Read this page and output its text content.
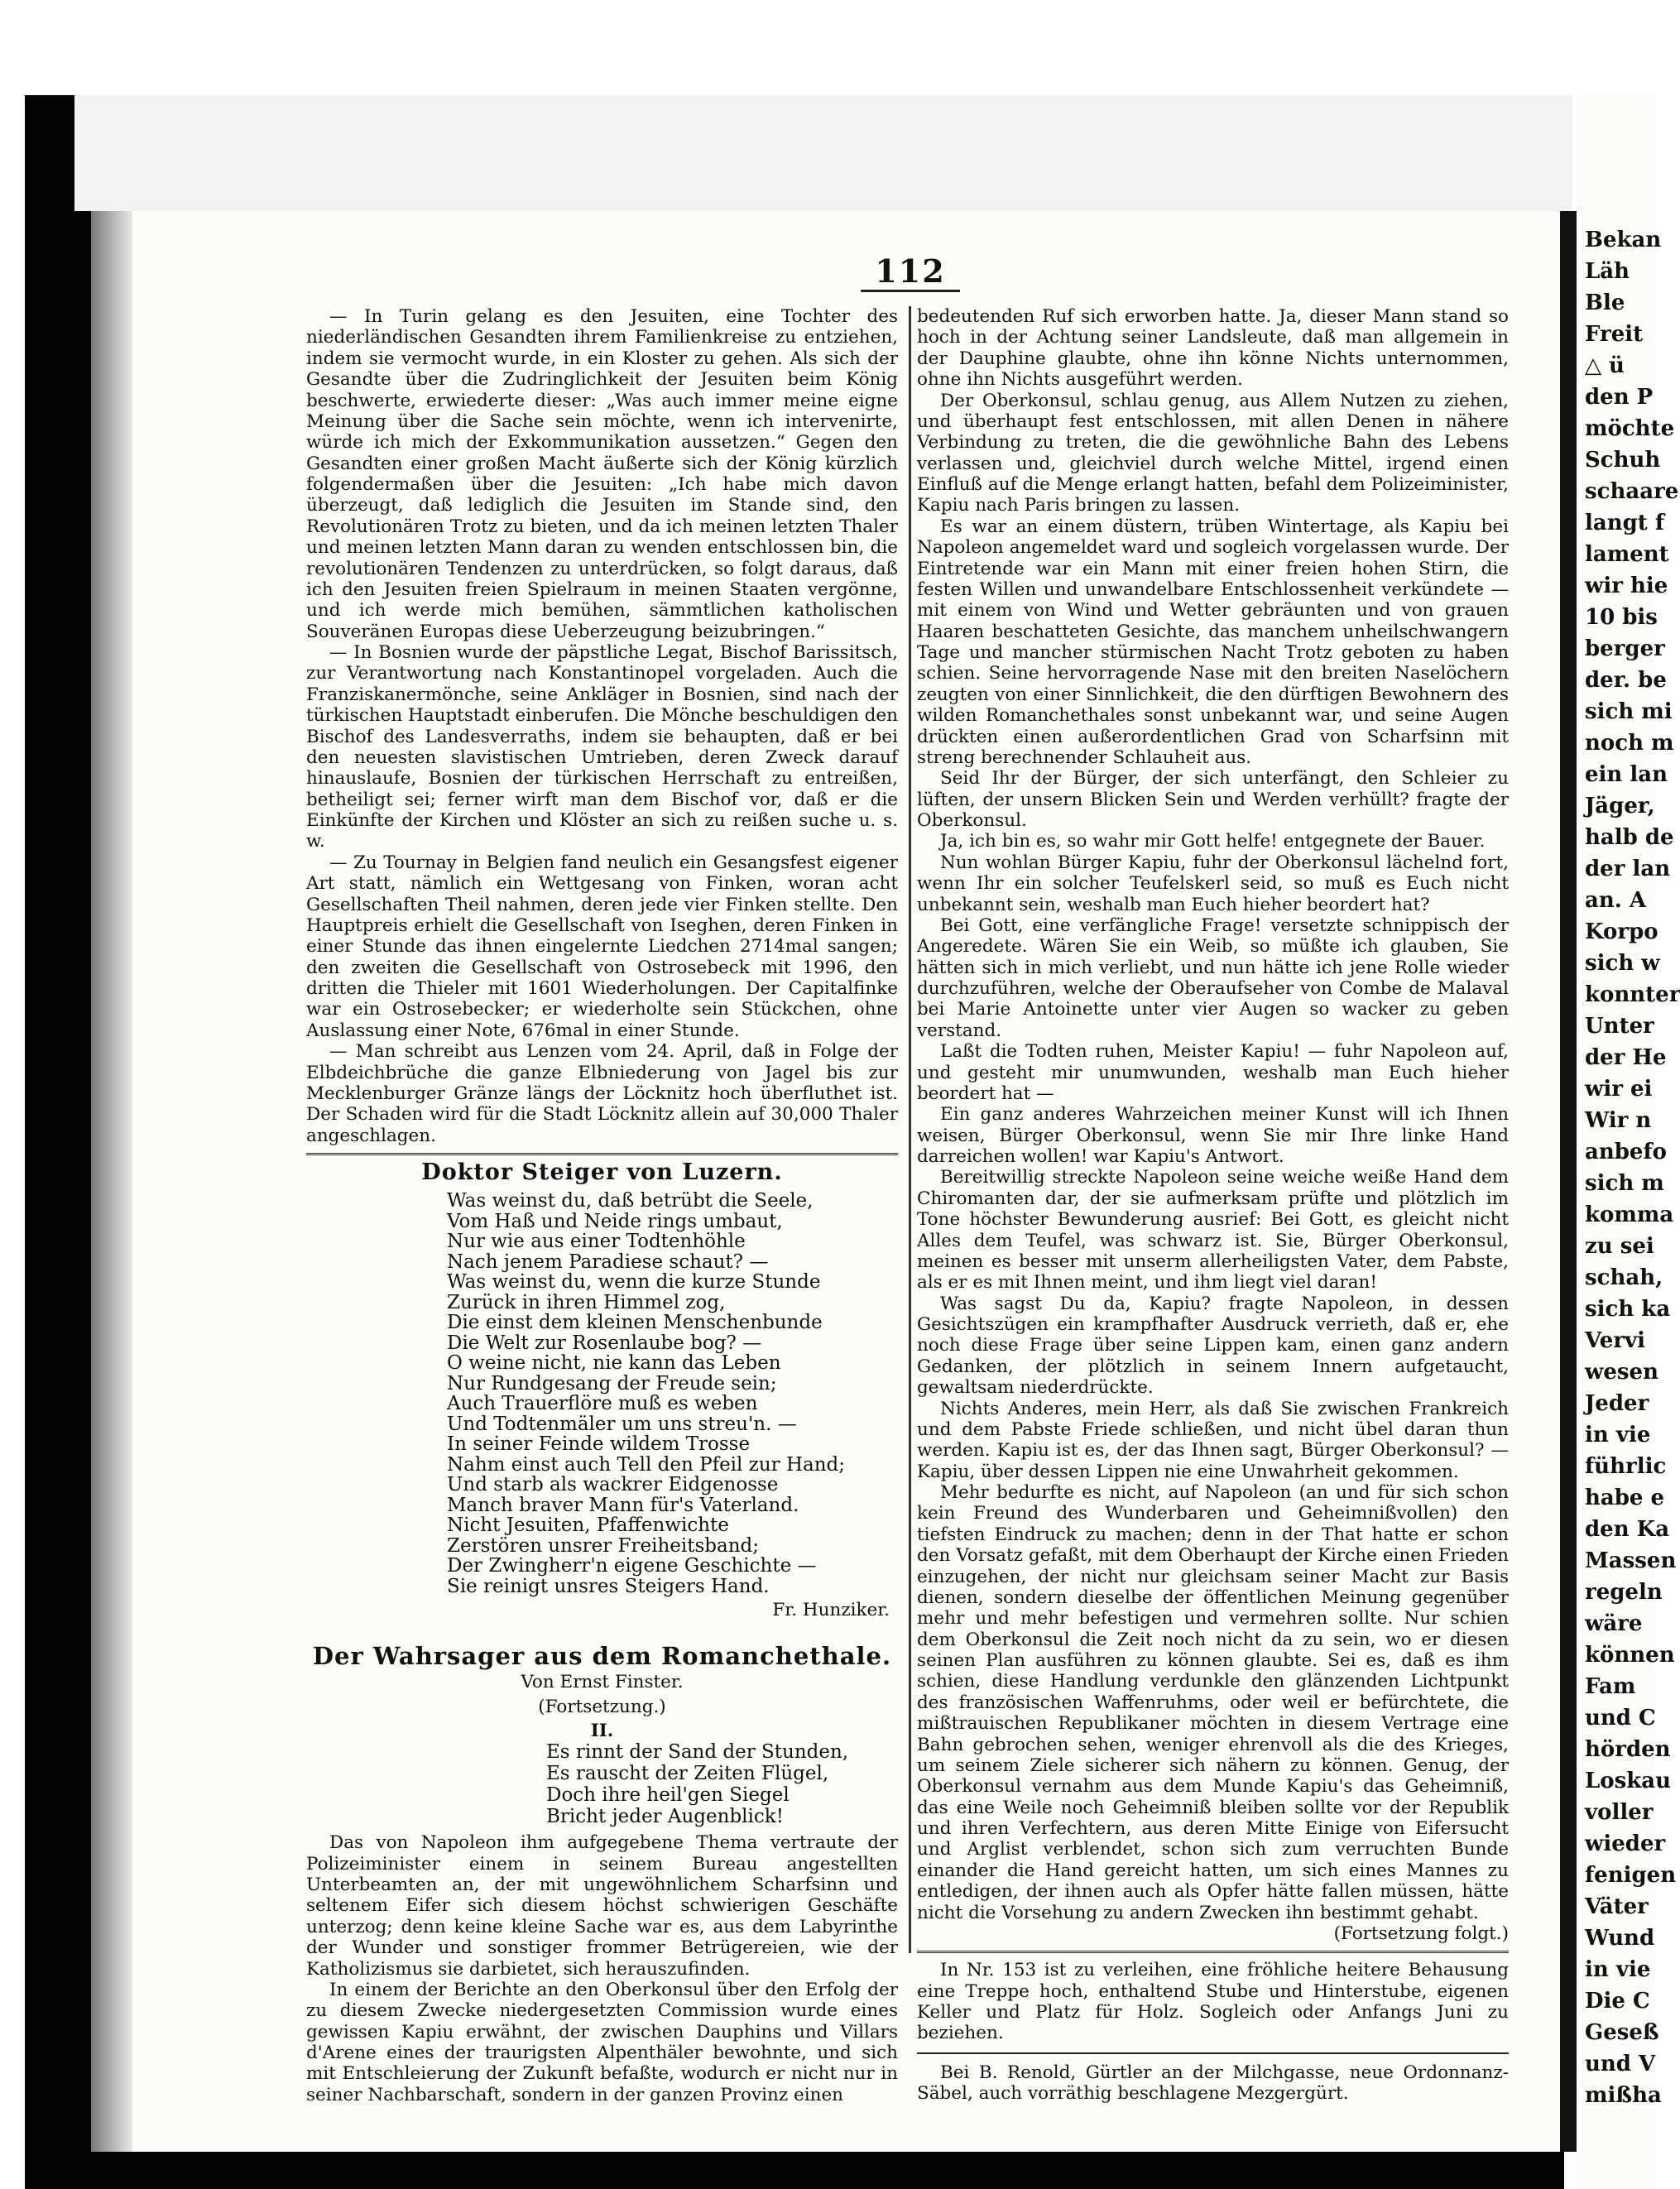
Bekan
Läh
Ble
Freit
△ ü
den P
möchte
Schuh
schaare
langt f
lament
wir hie
10 bis
berger
der. be
sich mi
noch m
ein lan
Jäger,
halb de
der lan
an. A
Korpo
sich w
konnter
Unter
der He
wir ei
Wir n
anbefo
sich m
komma
zu sei
schah,
sich ka
Vervi
wesen
Jeder
in vie
führlic
habe e
den Ka
Massen
regeln
wäre
können
Fam
und C
hörden
Loskau
voller
wieder
fenigen
Väter
Wund
in vie
Die C
Geseß
und V
mißha
112

— In Turin gelang es den Jesuiten, eine Tochter des niederländischen Gesandten ihrem Familienkreise zu entziehen, indem sie vermocht wurde, in ein Kloster zu gehen. Als sich der Gesandte über die Zudringlichkeit der Jesuiten beim König beschwerte, erwiederte dieser: „Was auch immer meine eigne Meinung über die Sache sein möchte, wenn ich intervenirte, würde ich mich der Exkommunikation aussetzen.“ Gegen den Gesandten einer großen Macht äußerte sich der König kürzlich folgendermaßen über die Jesuiten: „Ich habe mich davon überzeugt, daß lediglich die Jesuiten im Stande sind, den Revolutionären Trotz zu bieten, und da ich meinen letzten Thaler und meinen letzten Mann daran zu wenden entschlossen bin, die revolutionären Tendenzen zu unterdrücken, so folgt daraus, daß ich den Jesuiten freien Spielraum in meinen Staaten vergönne, und ich werde mich bemühen, sämmtlichen katholischen Souveränen Europas diese Ueberzeugung beizubringen.“

— In Bosnien wurde der päpstliche Legat, Bischof Barissitsch, zur Verantwortung nach Konstantinopel vorgeladen. Auch die Franziskanermönche, seine Ankläger in Bosnien, sind nach der türkischen Hauptstadt einberufen. Die Mönche beschuldigen den Bischof des Landesverraths, indem sie behaupten, daß er bei den neuesten slavistischen Umtrieben, deren Zweck darauf hinauslaufe, Bosnien der türkischen Herrschaft zu entreißen, betheiligt sei; ferner wirft man dem Bischof vor, daß er die Einkünfte der Kirchen und Klöster an sich zu reißen suche u. s. w.

— Zu Tournay in Belgien fand neulich ein Gesangsfest eigener Art statt, nämlich ein Wettgesang von Finken, woran acht Gesellschaften Theil nahmen, deren jede vier Finken stellte. Den Hauptpreis erhielt die Gesellschaft von Iseghen, deren Finken in einer Stunde das ihnen eingelernte Liedchen 2714mal sangen; den zweiten die Gesellschaft von Ostrosebeck mit 1996, den dritten die Thieler mit 1601 Wiederholungen. Der Capitalfinke war ein Ostrosebecker; er wiederholte sein Stückchen, ohne Auslassung einer Note, 676mal in einer Stunde.

— Man schreibt aus Lenzen vom 24. April, daß in Folge der Elbdeichbrüche die ganze Elbniederung von Jagel bis zur Mecklenburger Gränze längs der Löcknitz hoch überfluthet ist. Der Schaden wird für die Stadt Löcknitz allein auf 30,000 Thaler angeschlagen.

Doktor Steiger von Luzern.
Was weinst du, daß betrübt die Seele,
Vom Haß und Neide rings umbaut,
Nur wie aus einer Todtenhöhle
Nach jenem Paradiese schaut? —
Was weinst du, wenn die kurze Stunde
Zurück in ihren Himmel zog,
Die einst dem kleinen Menschenbunde
Die Welt zur Rosenlaube bog? —
O weine nicht, nie kann das Leben
Nur Rundgesang der Freude sein;
Auch Trauerflöre muß es weben
Und Todtenmäler um uns streu'n. —
In seiner Feinde wildem Trosse
Nahm einst auch Tell den Pfeil zur Hand;
Und starb als wackrer Eidgenosse
Manch braver Mann für's Vaterland.
Nicht Jesuiten, Pfaffenwichte
Zerstören unsrer Freiheitsband;
Der Zwingherr'n eigene Geschichte —
Sie reinigt unsres Steigers Hand.
Fr. Hunziker.
Der Wahrsager aus dem Romanchethale.
Von Ernst Finster.
(Fortsetzung.)
II.
Es rinnt der Sand der Stunden,
Es rauscht der Zeiten Flügel,
Doch ihre heil'gen Siegel
Bricht jeder Augenblick!

Das von Napoleon ihm aufgegebene Thema vertraute der Polizeiminister einem in seinem Bureau angestellten Unterbeamten an, der mit ungewöhnlichem Scharfsinn und seltenem Eifer sich diesem höchst schwierigen Geschäfte unterzog; denn keine kleine Sache war es, aus dem Labyrinthe der Wunder und sonstiger frommer Betrügereien, wie der Katholizismus sie darbietet, sich herauszufinden.

In einem der Berichte an den Oberkonsul über den Erfolg der zu diesem Zwecke niedergesetzten Commission wurde eines gewissen Kapiu erwähnt, der zwischen Dauphins und Villars d'Arene eines der traurigsten Alpenthäler bewohnte, und sich mit Entschleierung der Zukunft befaßte, wodurch er nicht nur in seiner Nachbarschaft, sondern in der ganzen Provinz einen

bedeutenden Ruf sich erworben hatte. Ja, dieser Mann stand so hoch in der Achtung seiner Landsleute, daß man allgemein in der Dauphine glaubte, ohne ihn könne Nichts unternommen, ohne ihn Nichts ausgeführt werden.

Der Oberkonsul, schlau genug, aus Allem Nutzen zu ziehen, und überhaupt fest entschlossen, mit allen Denen in nähere Verbindung zu treten, die die gewöhnliche Bahn des Lebens verlassen und, gleichviel durch welche Mittel, irgend einen Einfluß auf die Menge erlangt hatten, befahl dem Polizeiminister, Kapiu nach Paris bringen zu lassen.

Es war an einem düstern, trüben Wintertage, als Kapiu bei Napoleon angemeldet ward und sogleich vorgelassen wurde. Der Eintretende war ein Mann mit einer freien hohen Stirn, die festen Willen und unwandelbare Entschlossenheit verkündete — mit einem von Wind und Wetter gebräunten und von grauen Haaren beschatteten Gesichte, das manchem unheilschwangern Tage und mancher stürmischen Nacht Trotz geboten zu haben schien. Seine hervorragende Nase mit den breiten Naselöchern zeugten von einer Sinnlichkeit, die den dürftigen Bewohnern des wilden Romanchethales sonst unbekannt war, und seine Augen drückten einen außerordentlichen Grad von Scharfsinn mit streng berechnender Schlauheit aus.

Seid Ihr der Bürger, der sich unterfängt, den Schleier zu lüften, der unsern Blicken Sein und Werden verhüllt? fragte der Oberkonsul.

Ja, ich bin es, so wahr mir Gott helfe! entgegnete der Bauer.

Nun wohlan Bürger Kapiu, fuhr der Oberkonsul lächelnd fort, wenn Ihr ein solcher Teufelskerl seid, so muß es Euch nicht unbekannt sein, weshalb man Euch hieher beordert hat?

Bei Gott, eine verfängliche Frage! versetzte schnippisch der Angeredete. Wären Sie ein Weib, so müßte ich glauben, Sie hätten sich in mich verliebt, und nun hätte ich jene Rolle wieder durchzuführen, welche der Oberaufseher von Combe de Malaval bei Marie Antoinette unter vier Augen so wacker zu geben verstand.

Laßt die Todten ruhen, Meister Kapiu! — fuhr Napoleon auf, und gesteht mir unumwunden, weshalb man Euch hieher beordert hat —

Ein ganz anderes Wahrzeichen meiner Kunst will ich Ihnen weisen, Bürger Oberkonsul, wenn Sie mir Ihre linke Hand darreichen wollen! war Kapiu's Antwort.

Bereitwillig streckte Napoleon seine weiche weiße Hand dem Chiromanten dar, der sie aufmerksam prüfte und plötzlich im Tone höchster Bewunderung ausrief: Bei Gott, es gleicht nicht Alles dem Teufel, was schwarz ist. Sie, Bürger Oberkonsul, meinen es besser mit unserm allerheiligsten Vater, dem Pabste, als er es mit Ihnen meint, und ihm liegt viel daran!

Was sagst Du da, Kapiu? fragte Napoleon, in dessen Gesichtszügen ein krampfhafter Ausdruck verrieth, daß er, ehe noch diese Frage über seine Lippen kam, einen ganz andern Gedanken, der plötzlich in seinem Innern aufgetaucht, gewaltsam niederdrückte.

Nichts Anderes, mein Herr, als daß Sie zwischen Frankreich und dem Pabste Friede schließen, und nicht übel daran thun werden. Kapiu ist es, der das Ihnen sagt, Bürger Oberkonsul? — Kapiu, über dessen Lippen nie eine Unwahrheit gekommen.

Mehr bedurfte es nicht, auf Napoleon (an und für sich schon kein Freund des Wunderbaren und Geheimnißvollen) den tiefsten Eindruck zu machen; denn in der That hatte er schon den Vorsatz gefaßt, mit dem Oberhaupt der Kirche einen Frieden einzugehen, der nicht nur gleichsam seiner Macht zur Basis dienen, sondern dieselbe der öffentlichen Meinung gegenüber mehr und mehr befestigen und vermehren sollte. Nur schien dem Oberkonsul die Zeit noch nicht da zu sein, wo er diesen seinen Plan ausführen zu können glaubte. Sei es, daß es ihm schien, diese Handlung verdunkle den glänzenden Lichtpunkt des französischen Waffenruhms, oder weil er befürchtete, die mißtrauischen Republikaner möchten in diesem Vertrage eine Bahn gebrochen sehen, weniger ehrenvoll als die des Krieges, um seinem Ziele sicherer sich nähern zu können. Genug, der Oberkonsul vernahm aus dem Munde Kapiu's das Geheimniß, das eine Weile noch Geheimniß bleiben sollte vor der Republik und ihren Verfechtern, aus deren Mitte Einige von Eifersucht und Arglist verblendet, schon sich zum verruchten Bunde einander die Hand gereicht hatten, um sich eines Mannes zu entledigen, der ihnen auch als Opfer hätte fallen müssen, hätte nicht die Vorsehung zu andern Zwecken ihn bestimmt gehabt.

(Fortsetzung folgt.)

In Nr. 153 ist zu verleihen, eine fröhliche heitere Behausung eine Treppe hoch, enthaltend Stube und Hinterstube, eigenen Keller und Platz für Holz. Sogleich oder Anfangs Juni zu beziehen.

Bei B. Renold, Gürtler an der Milchgasse, neue Ordonnanz-Säbel, auch vorräthig beschlagene Mezgergürt.
